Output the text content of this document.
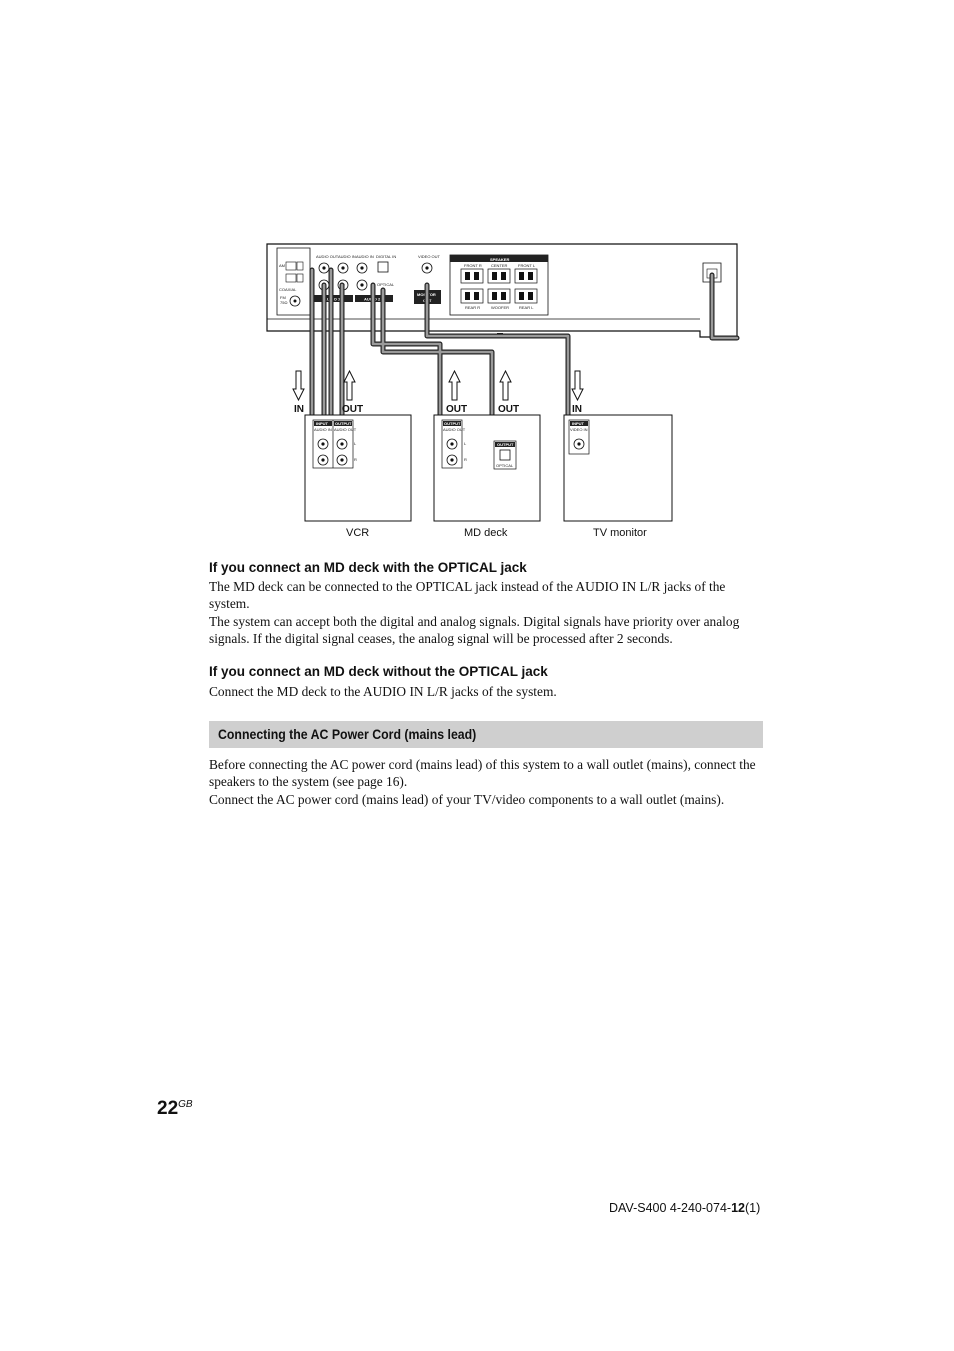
AM
COAXIAL
FM
75Ω
AUDIO OUT AUDIO IN AUDIO IN DIGITAL IN
OPTICAL
AUDIO 1	AUDIO 2
VIDEO OUT
MONITOR
OUT
SPEAKER
FRONT R CENTER	FRONT L
REAR R	WOOFER	REAR L
IN	OUT	OUT	OUT	IN
INPUT OUTPUT
AUDIO IN AUDIO OUT
L
R
VCR
OUTPUT
AUDIO OUT
L
R
OUTPUT
OPTICAL
MD deck
INPUT
VIDEO IN
TV monitor
If you connect an MD deck with the OPTICAL jack

The MD deck can be connected to the OPTICAL jack instead of the AUDIO IN L/R jacks of the system.

The system can accept both the digital and analog signals. Digital signals have priority over analog signals. If the digital signal ceases, the analog signal will be processed after 2 seconds.

If you connect an MD deck without the OPTICAL jack

Connect the MD deck to the AUDIO IN L/R jacks of the system.

Connecting the AC Power Cord (mains lead)

Before connecting the AC power cord (mains lead) of this system to a wall outlet (mains), connect the speakers to the system (see page 16).

Connect the AC power cord (mains lead) of your TV/video components to a wall outlet (mains).

$22^{GB}$
DAV-S400 4-240-074-12(1)
